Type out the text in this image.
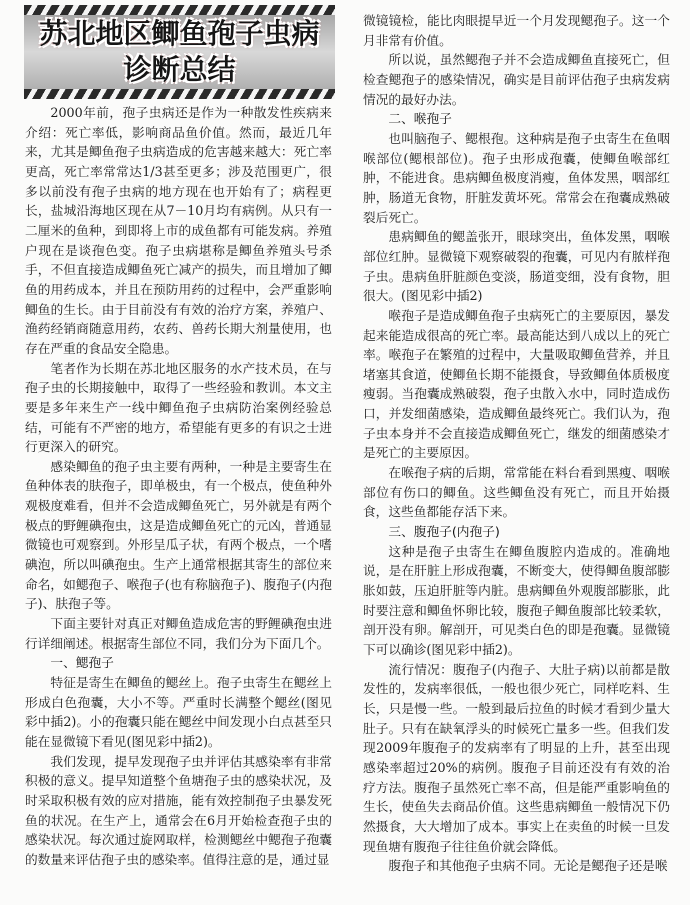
苏北地区鲫鱼孢子虫病
诊断总结

2000年前，孢子虫病还是作为一种散发性疾病来介绍：死亡率低，影响商品鱼价值。然而，最近几年来，尤其是鲫鱼孢子虫病造成的危害越来越大：死亡率更高，死亡率常常达1/3甚至更多；涉及范围更广，很多以前没有孢子虫病的地方现在也开始有了；病程更长，盐城沿海地区现在从7－10月均有病例。从只有一二厘米的鱼种，到即将上市的成鱼都有可能发病。养殖户现在是谈孢色变。孢子虫病堪称是鲫鱼养殖头号杀手，不但直接造成鲫鱼死亡减产的损失，而且增加了鲫鱼的用药成本，并且在预防用药的过程中，会严重影响鲫鱼的生长。由于目前没有有效的治疗方案，养殖户、渔药经销商随意用药，农药、兽药长期大剂量使用，也存在严重的食品安全隐患。

笔者作为长期在苏北地区服务的水产技术员，在与孢子虫的长期接触中，取得了一些经验和教训。本文主要是多年来生产一线中鲫鱼孢子虫病防治案例经验总结，可能有不严密的地方，希望能有更多的有识之士进行更深入的研究。

感染鲫鱼的孢子虫主要有两种，一种是主要寄生在鱼种体表的肤孢子，即单极虫，有一个极点，使鱼种外观极度难看，但并不会造成鲫鱼死亡，另外就是有两个极点的野鲤碘孢虫，这是造成鲫鱼死亡的元凶，普通显微镜也可观察到。外形呈瓜子状，有两个极点，一个嗜碘泡，所以叫碘孢虫。生产上通常根据其寄生的部位来命名，如鳃孢子、喉孢子(也有称脑孢子)、腹孢子(内孢子)、肤孢子等。

下面主要针对真正对鲫鱼造成危害的野鲤碘孢虫进行详细阐述。根据寄生部位不同，我们分为下面几个。

一、鳃孢子

特征是寄生在鲫鱼的鳃丝上。孢子虫寄生在鳃丝上形成白色孢囊，大小不等。严重时长满整个鳃丝(图见彩中插2)。小的孢囊只能在鳃丝中间发现小白点甚至只能在显微镜下看见(图见彩中插2)。

我们发现，提早发现孢子虫并评估其感染率有非常积极的意义。提早知道整个鱼塘孢子虫的感染状况，及时采取积极有效的应对措施，能有效控制孢子虫暴发死鱼的状况。在生产上，通常会在6月开始检查孢子虫的感染状况。每次通过旋网取样，检测鳃丝中鳃孢子孢囊的数量来评估孢子虫的感染率。值得注意的是，通过显

微镜镜检，能比肉眼提早近一个月发现鳃孢子。这一个月非常有价值。

所以说，虽然鳃孢子并不会造成鲫鱼直接死亡，但检查鳃孢子的感染情况，确实是目前评估孢子虫病发病情况的最好办法。

二、喉孢子

也叫脑孢子、鳃根孢。这种病是孢子虫寄生在鱼咽喉部位(鳃根部位)。孢子虫形成孢囊，使鲫鱼喉部红肿，不能进食。患病鲫鱼极度消瘦，鱼体发黑，咽部红肿，肠道无食物，肝脏发黄坏死。常常会在孢囊成熟破裂后死亡。

患病鲫鱼的鳃盖张开，眼球突出，鱼体发黑，咽喉部位红肿。显微镜下观察破裂的孢囊，可见内有脓样孢子虫。患病鱼肝脏颜色变淡，肠道变细，没有食物，胆很大。(图见彩中插2)

喉孢子是造成鲫鱼孢子虫病死亡的主要原因，暴发起来能造成很高的死亡率。最高能达到八成以上的死亡率。喉孢子在繁殖的过程中，大量吸取鲫鱼营养，并且堵塞其食道，使鲫鱼长期不能摄食，导致鲫鱼体质极度瘦弱。当孢囊成熟破裂，孢子虫散入水中，同时造成伤口，并发细菌感染，造成鲫鱼最终死亡。我们认为，孢子虫本身并不会直接造成鲫鱼死亡，继发的细菌感染才是死亡的主要原因。

在喉孢子病的后期，常常能在料台看到黑瘦、咽喉部位有伤口的鲫鱼。这些鲫鱼没有死亡，而且开始摄食，这些鱼都能存活下来。

三、腹孢子(内孢子)

这种是孢子虫寄生在鲫鱼腹腔内造成的。准确地说，是在肝脏上形成孢囊，不断变大，使得鲫鱼腹部膨胀如鼓，压迫肝脏等内脏。患病鲫鱼外观腹部膨胀，此时要注意和鲫鱼怀卵比较，腹孢子鲫鱼腹部比较柔软，剖开没有卵。解剖开，可见类白色的即是孢囊。显微镜下可以确诊(图见彩中插2)。

流行情况：腹孢子(内孢子、大肚子病)以前都是散发性的，发病率很低，一般也很少死亡，同样吃料、生长，只是慢一些。一般到最后拉鱼的时候才看到少量大肚子。只有在缺氧浮头的时候死亡量多一些。但我们发现2009年腹孢子的发病率有了明显的上升，甚至出现感染率超过20%的病例。腹孢子目前还没有有效的治疗方法。腹孢子虽然死亡率不高，但是能严重影响鱼的生长，使鱼失去商品价值。这些患病鲫鱼一般情况下仍然摄食，大大增加了成本。事实上在卖鱼的时候一旦发现鱼塘有腹孢子往往鱼价就会降低。

腹孢子和其他孢子虫病不同。无论是鳃孢子还是喉
